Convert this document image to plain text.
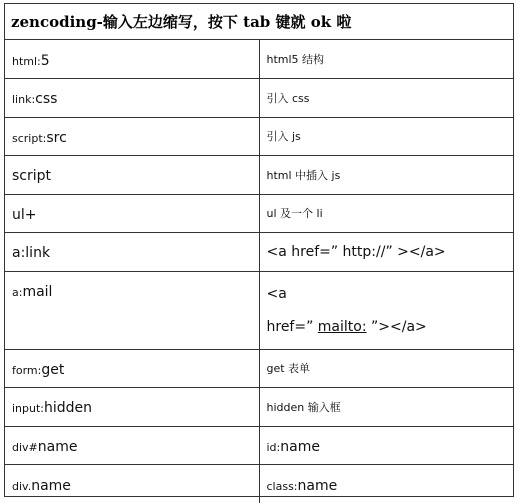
zencoding-输入左边缩写，按下 tab 键就 ok 啦
html:5	html5 结构
link:css	引入 css
script:src	引入 js
script	html 中插入 js
ul+	ul 及一个 li
a:link	<a href=” http://” ></a>
a:mail	<a
href=” mailto: ”></a>

form:get	get 表单
input:hidden	hidden 输入框
div#name	id:name
div.name	class:name
